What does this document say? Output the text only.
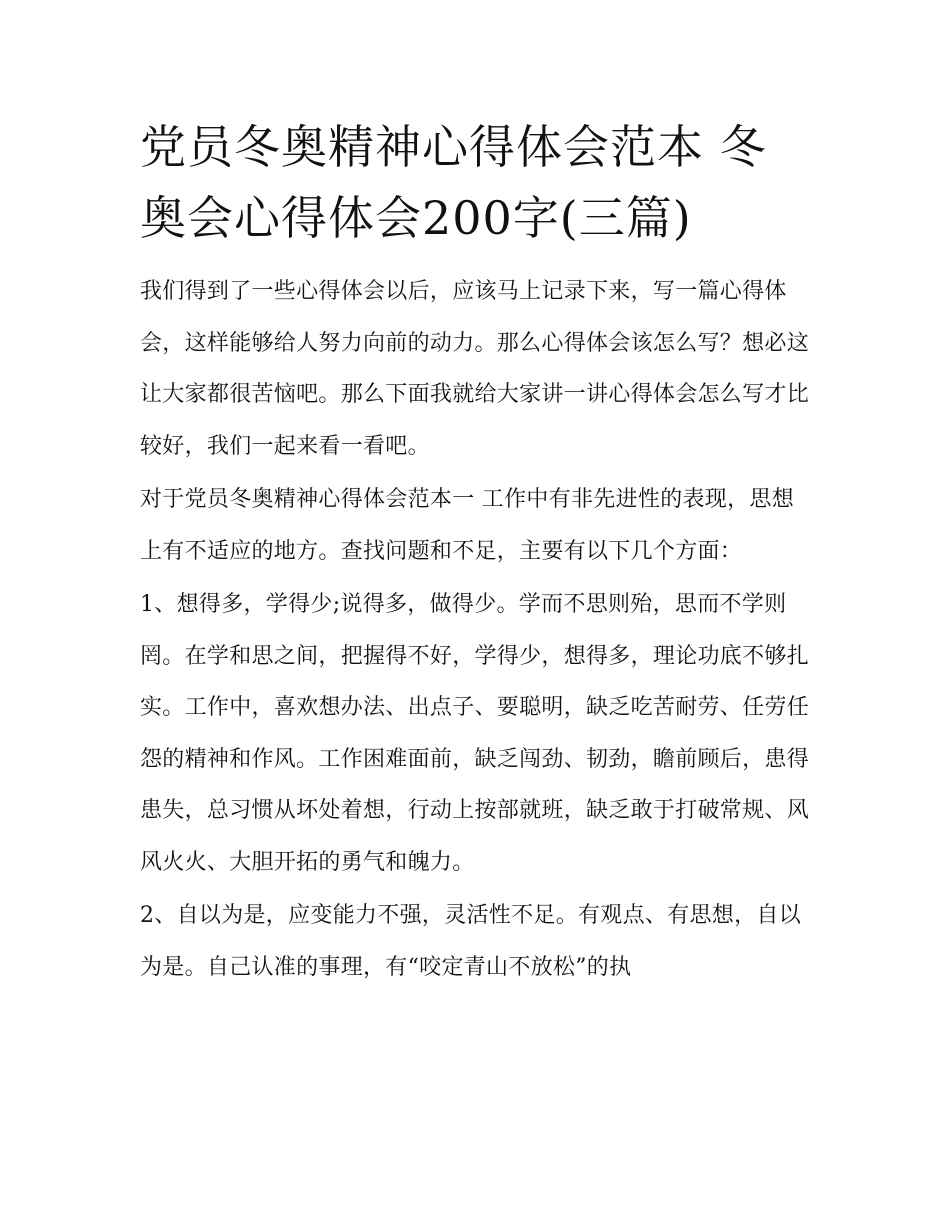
党员冬奥精神心得体会范本 冬奥会心得体会200字(三篇)

我们得到了一些心得体会以后，应该马上记录下来，写一篇心得体会，这样能够给人努力向前的动力。那么心得体会该怎么写？想必这让大家都很苦恼吧。那么下面我就给大家讲一讲心得体会怎么写才比较好，我们一起来看一看吧。

对于党员冬奥精神心得体会范本一 工作中有非先进性的表现，思想上有不适应的地方。查找问题和不足，主要有以下几个方面：

1、想得多，学得少;说得多，做得少。学而不思则殆，思而不学则罔。在学和思之间，把握得不好，学得少，想得多，理论功底不够扎实。工作中，喜欢想办法、出点子、要聪明，缺乏吃苦耐劳、任劳任怨的精神和作风。工作困难面前，缺乏闯劲、韧劲，瞻前顾后，患得患失，总习惯从坏处着想，行动上按部就班，缺乏敢于打破常规、风风火火、大胆开拓的勇气和魄力。

2、自以为是，应变能力不强，灵活性不足。有观点、有思想，自以为是。自己认准的事理，有“咬定青山不放松”的执
